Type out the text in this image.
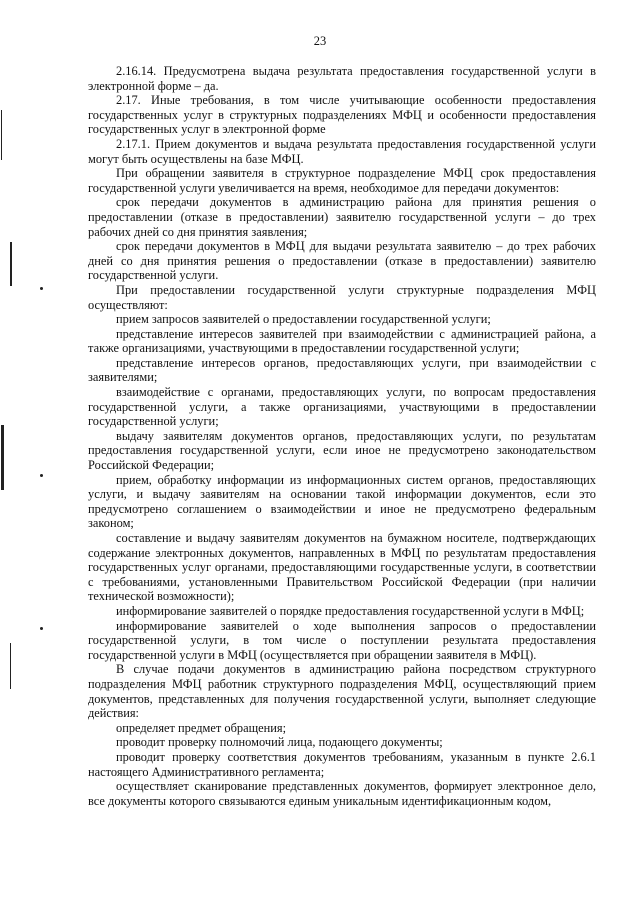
23

2.16.14. Предусмотрена выдача результата предоставления государственной услуги в электронной форме – да.

2.17. Иные требования, в том числе учитывающие особенности предоставления государственных услуг в структурных подразделениях МФЦ и особенности предоставления государственных услуг в электронной форме

2.17.1. Прием документов и выдача результата предоставления государственной услуги могут быть осуществлены на базе МФЦ.

При обращении заявителя в структурное подразделение МФЦ срок предоставления государственной услуги увеличивается на время, необходимое для передачи документов:

срок передачи документов в администрацию района для принятия решения о предоставлении (отказе в предоставлении) заявителю государственной услуги – до трех рабочих дней со дня принятия заявления;

срок передачи документов в МФЦ для выдачи результата заявителю – до трех рабочих дней со дня принятия решения о предоставлении (отказе в предоставлении) заявителю государственной услуги.

При предоставлении государственной услуги структурные подразделения МФЦ осуществляют:

прием запросов заявителей о предоставлении государственной услуги;

представление интересов заявителей при взаимодействии с администрацией района, а также организациями, участвующими в предоставлении государственной услуги;

представление интересов органов, предоставляющих услуги, при взаимодействии с заявителями;

взаимодействие с органами, предоставляющих услуги, по вопросам предоставления государственной услуги, а также организациями, участвующими в предоставлении государственной услуги;

выдачу заявителям документов органов, предоставляющих услуги, по результатам предоставления государственной услуги, если иное не предусмотрено законодательством Российской Федерации;

прием, обработку информации из информационных систем органов, предоставляющих услуги, и выдачу заявителям на основании такой информации документов, если это предусмотрено соглашением о взаимодействии и иное не предусмотрено федеральным законом;

составление и выдачу заявителям документов на бумажном носителе, подтверждающих содержание электронных документов, направленных в МФЦ по результатам предоставления государственных услуг органами, предоставляющими государственные услуги, в соответствии с требованиями, установленными Правительством Российской Федерации (при наличии технической возможности);

информирование заявителей о порядке предоставления государственной услуги в МФЦ;

информирование заявителей о ходе выполнения запросов о предоставлении государственной услуги, в том числе о поступлении результата предоставления государственной услуги в МФЦ (осуществляется при обращении заявителя в МФЦ).

В случае подачи документов в администрацию района посредством структурного подразделения МФЦ работник структурного подразделения МФЦ, осуществляющий прием документов, представленных для получения государственной услуги, выполняет следующие действия:

определяет предмет обращения;

проводит проверку полномочий лица, подающего документы;

проводит проверку соответствия документов требованиям, указанным в пункте 2.6.1 настоящего Административного регламента;

осуществляет сканирование представленных документов, формирует электронное дело, все документы которого связываются единым уникальным идентификационным кодом,
